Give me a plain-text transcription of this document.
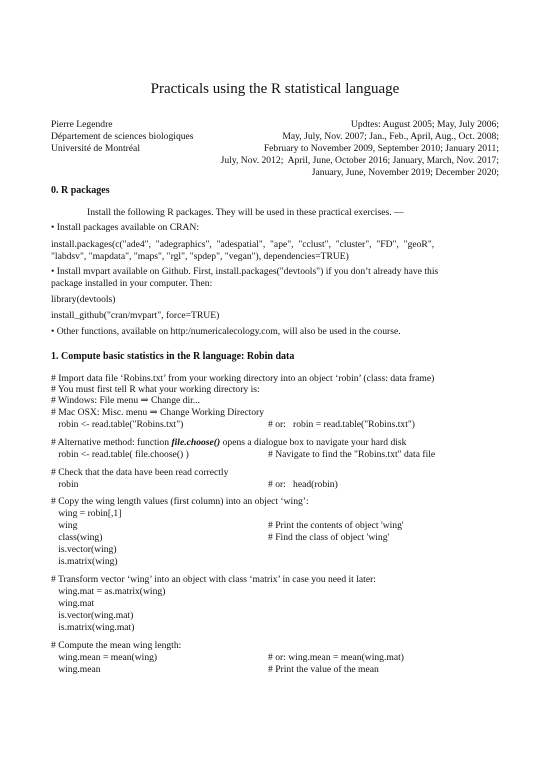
Practicals using the R statistical language
Pierre Legendre
Département de sciences biologiques
Université de Montréal
Updtes: August 2005; May, July 2006;
May, July, Nov. 2007; Jan., Feb., April, Aug., Oct. 2008;
February to November 2009, September 2010; January 2011;
July, Nov. 2012;  April, June, October 2016; January, March, Nov. 2017;
January, June, November 2019; December 2020;
0. R packages
Install the following R packages. They will be used in these practical exercises. —
• Install packages available on CRAN:
install.packages(c("ade4",  "adegraphics",  "adespatial",  "ape",  "cclust",  "cluster",  "FD",  "geoR",
"labdsv", "mapdata", "maps", "rgl", "spdep", "vegan"), dependencies=TRUE)
• Install mvpart available on Github. First, install.packages("devtools") if you don’t already have this
package installed in your computer. Then:
library(devtools)
install_github("cran/mvpart", force=TRUE)
• Other functions, available on http:/numericalecology.com, will also be used in the course.
1. Compute basic statistics in the R language: Robin data
# Import data file ‘Robins.txt’ from your working directory into an object ‘robin’ (class: data frame)
# You must first tell R what your working directory is:
# Windows: File menu ⇒ Change dir...
# Mac OSX: Misc. menu ⇒ Change Working Directory
robin <- read.table("Robins.txt")	# or:   robin = read.table("Robins.txt")
# Alternative method: function file.choose() opens a dialogue box to navigate your hard disk
robin <- read.table( file.choose() )	# Navigate to find the "Robins.txt" data file
# Check that the data have been read correctly
robin	# or:   head(robin)
# Copy the wing length values (first column) into an object ‘wing’:
wing = robin[,1]
wing	# Print the contents of object 'wing'
class(wing)	# Find the class of object 'wing'
is.vector(wing)
is.matrix(wing)
# Transform vector ‘wing’ into an object with class ‘matrix’ in case you need it later:
wing.mat = as.matrix(wing)
wing.mat
is.vector(wing.mat)
is.matrix(wing.mat)
# Compute the mean wing length:
wing.mean = mean(wing)	# or: wing.mean = mean(wing.mat)
wing.mean	# Print the value of the mean
